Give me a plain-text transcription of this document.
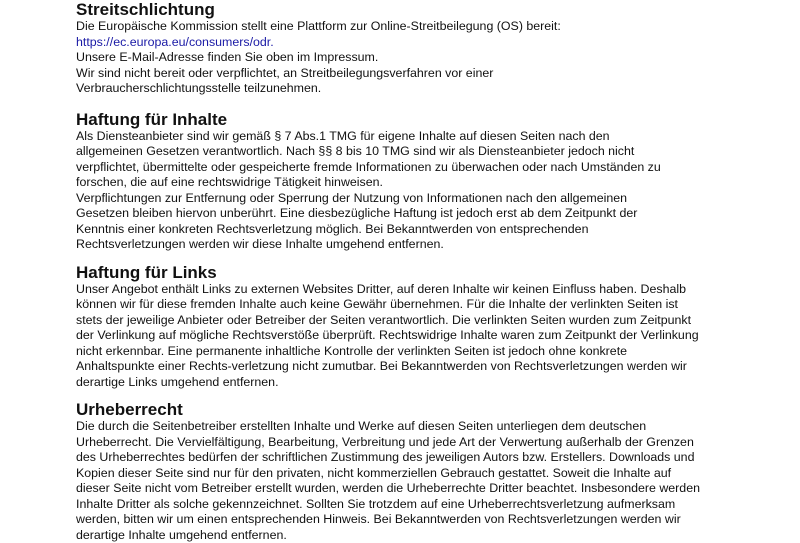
Streitschlichtung
Die Europäische Kommission stellt eine Plattform zur Online-Streitbeilegung (OS) bereit:
https://ec.europa.eu/consumers/odr.
Unsere E-Mail-Adresse finden Sie oben im Impressum.
Wir sind nicht bereit oder verpflichtet, an Streitbeilegungsverfahren vor einer
Verbraucherschlichtungsstelle teilzunehmen.
Haftung für Inhalte
Als Diensteanbieter sind wir gemäß § 7 Abs.1 TMG für eigene Inhalte auf diesen Seiten nach den
allgemeinen Gesetzen verantwortlich. Nach §§ 8 bis 10 TMG sind wir als Diensteanbieter jedoch nicht
verpflichtet, übermittelte oder gespeicherte fremde Informationen zu überwachen oder nach Umständen zu
forschen, die auf eine rechtswidrige Tätigkeit hinweisen.
Verpflichtungen zur Entfernung oder Sperrung der Nutzung von Informationen nach den allgemeinen
Gesetzen bleiben hiervon unberührt. Eine diesbezügliche Haftung ist jedoch erst ab dem Zeitpunkt der
Kenntnis einer konkreten Rechtsverletzung möglich. Bei Bekanntwerden von entsprechenden
Rechtsverletzungen werden wir diese Inhalte umgehend entfernen.
Haftung für Links
Unser Angebot enthält Links zu externen Websites Dritter, auf deren Inhalte wir keinen Einfluss haben. Deshalb
können wir für diese fremden Inhalte auch keine Gewähr übernehmen. Für die Inhalte der verlinkten Seiten ist
stets der jeweilige Anbieter oder Betreiber der Seiten verantwortlich. Die verlinkten Seiten wurden zum Zeitpunkt
der Verlinkung auf mögliche Rechtsverstöße überprüft. Rechtswidrige Inhalte waren zum Zeitpunkt der Verlinkung
nicht erkennbar. Eine permanente inhaltliche Kontrolle der verlinkten Seiten ist jedoch ohne konkrete
Anhaltspunkte einer Rechts-verletzung nicht zumutbar. Bei Bekanntwerden von Rechtsverletzungen werden wir
derartige Links umgehend entfernen.
Urheberrecht
Die durch die Seitenbetreiber erstellten Inhalte und Werke auf diesen Seiten unterliegen dem deutschen
Urheberrecht. Die Vervielfältigung, Bearbeitung, Verbreitung und jede Art der Verwertung außerhalb der Grenzen
des Urheberrechtes bedürfen der schriftlichen Zustimmung des jeweiligen Autors bzw. Erstellers. Downloads und
Kopien dieser Seite sind nur für den privaten, nicht kommerziellen Gebrauch gestattet. Soweit die Inhalte auf
dieser Seite nicht vom Betreiber erstellt wurden, werden die Urheberrechte Dritter beachtet. Insbesondere werden
Inhalte Dritter als solche gekennzeichnet. Sollten Sie trotzdem auf eine Urheberrechtsverletzung aufmerksam
werden, bitten wir um einen entsprechenden Hinweis. Bei Bekanntwerden von Rechtsverletzungen werden wir
derartige Inhalte umgehend entfernen.
